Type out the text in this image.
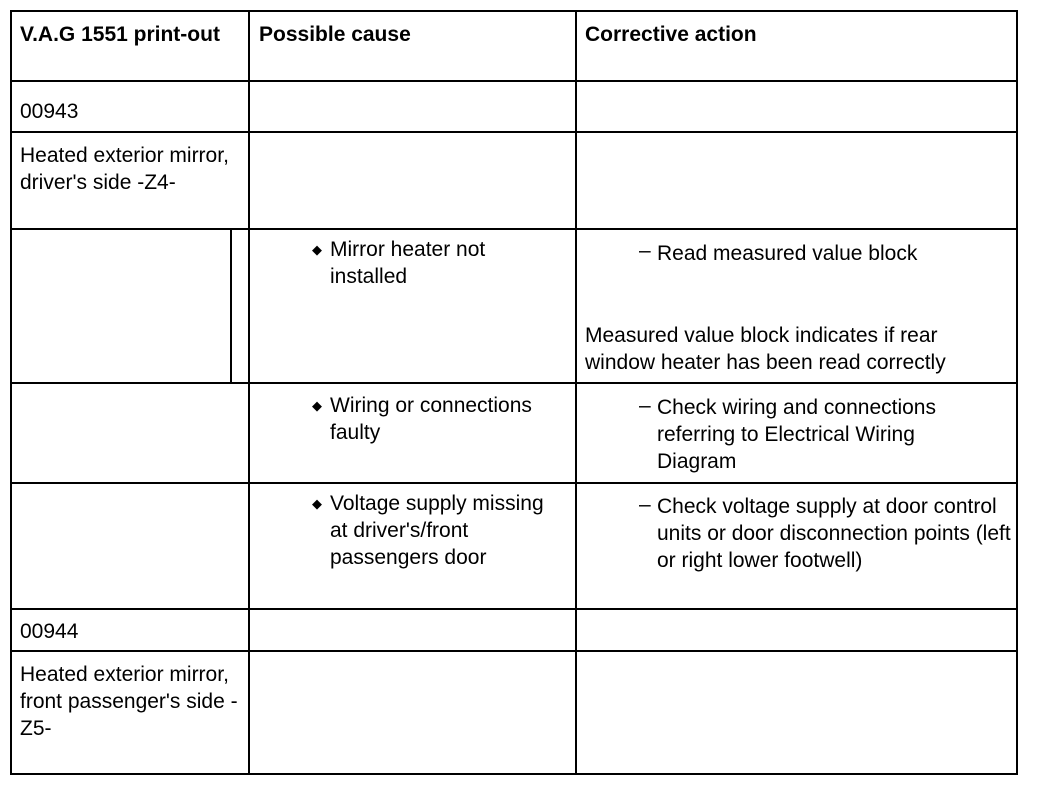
V.A.G 1551 print-out Possible cause	Corrective action
00943
Heated exterior mirror, driver's side -Z4-
◆ Mirror heater not installed
– Read measured value block
Measured value block indicates if rear window heater has been read correctly
◆ Wiring or connections faulty
– Check wiring and connections referring to Electrical Wiring Diagram
◆ Voltage supply missing at driver's/front passengers door
– Check voltage supply at door control units or door disconnection points (left or right lower footwell)
00944
Heated exterior mirror, front passenger's side -Z5-
